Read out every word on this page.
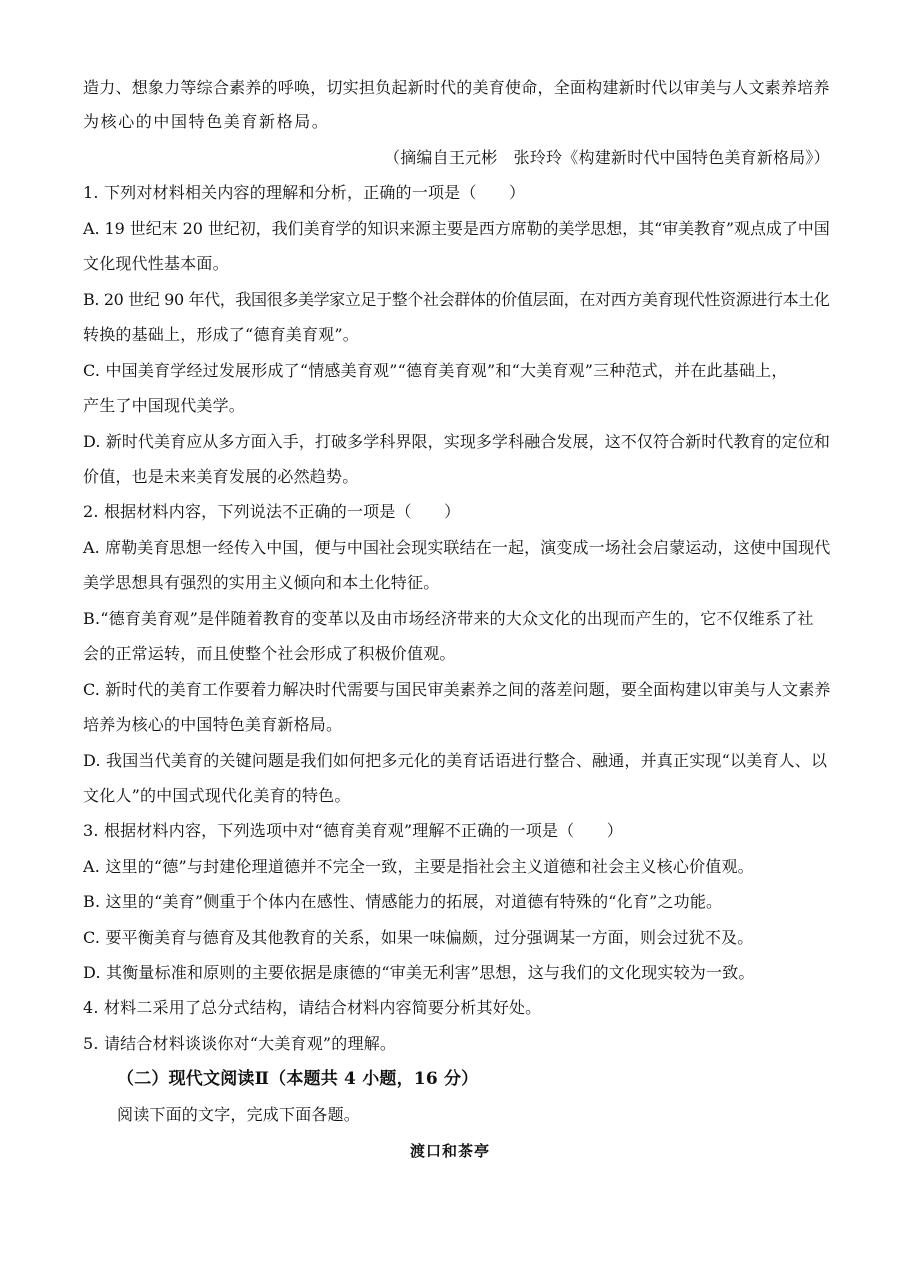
造力、想象力等综合素养的呼唤，切实担负起新时代的美育使命，全面构建新时代以审美与人文素养培养
为核心的中国特色美育新格局。
（摘编自王元彬　张玲玲《构建新时代中国特色美育新格局》）
1. 下列对材料相关内容的理解和分析，正确的一项是（　　）
A. 19 世纪末 20 世纪初，我们美育学的知识来源主要是西方席勒的美学思想，其“审美教育”观点成了中国
文化现代性基本面。
B. 20 世纪 90 年代，我国很多美学家立足于整个社会群体的价值层面，在对西方美育现代性资源进行本土化
转换的基础上，形成了“德育美育观”。
C. 中国美育学经过发展形成了“情感美育观”“德育美育观”和“大美育观”三种范式，并在此基础上，
产生了中国现代美学。
D. 新时代美育应从多方面入手，打破多学科界限，实现多学科融合发展，这不仅符合新时代教育的定位和
价值，也是未来美育发展的必然趋势。
2. 根据材料内容，下列说法不正确的一项是（　　）
A. 席勒美育思想一经传入中国，便与中国社会现实联结在一起，演变成一场社会启蒙运动，这使中国现代
美学思想具有强烈的实用主义倾向和本土化特征。
B.“德育美育观”是伴随着教育的变革以及由市场经济带来的大众文化的出现而产生的，它不仅维系了社
会的正常运转，而且使整个社会形成了积极价值观。
C. 新时代的美育工作要着力解决时代需要与国民审美素养之间的落差问题，要全面构建以审美与人文素养
培养为核心的中国特色美育新格局。
D. 我国当代美育的关键问题是我们如何把多元化的美育话语进行整合、融通，并真正实现“以美育人、以
文化人”的中国式现代化美育的特色。
3. 根据材料内容，下列选项中对“德育美育观”理解不正确的一项是（　　）
A. 这里的“德”与封建伦理道德并不完全一致，主要是指社会主义道德和社会主义核心价值观。
B. 这里的“美育”侧重于个体内在感性、情感能力的拓展，对道德有特殊的“化育”之功能。
C. 要平衡美育与德育及其他教育的关系，如果一味偏颇，过分强调某一方面，则会过犹不及。
D. 其衡量标准和原则的主要依据是康德的“审美无利害”思想，这与我们的文化现实较为一致。
4. 材料二采用了总分式结构，请结合材料内容简要分析其好处。
5. 请结合材料谈谈你对“大美育观”的理解。
（二）现代文阅读Ⅱ（本题共 4 小题，16 分）
阅读下面的文字，完成下面各题。
渡口和茶亭
